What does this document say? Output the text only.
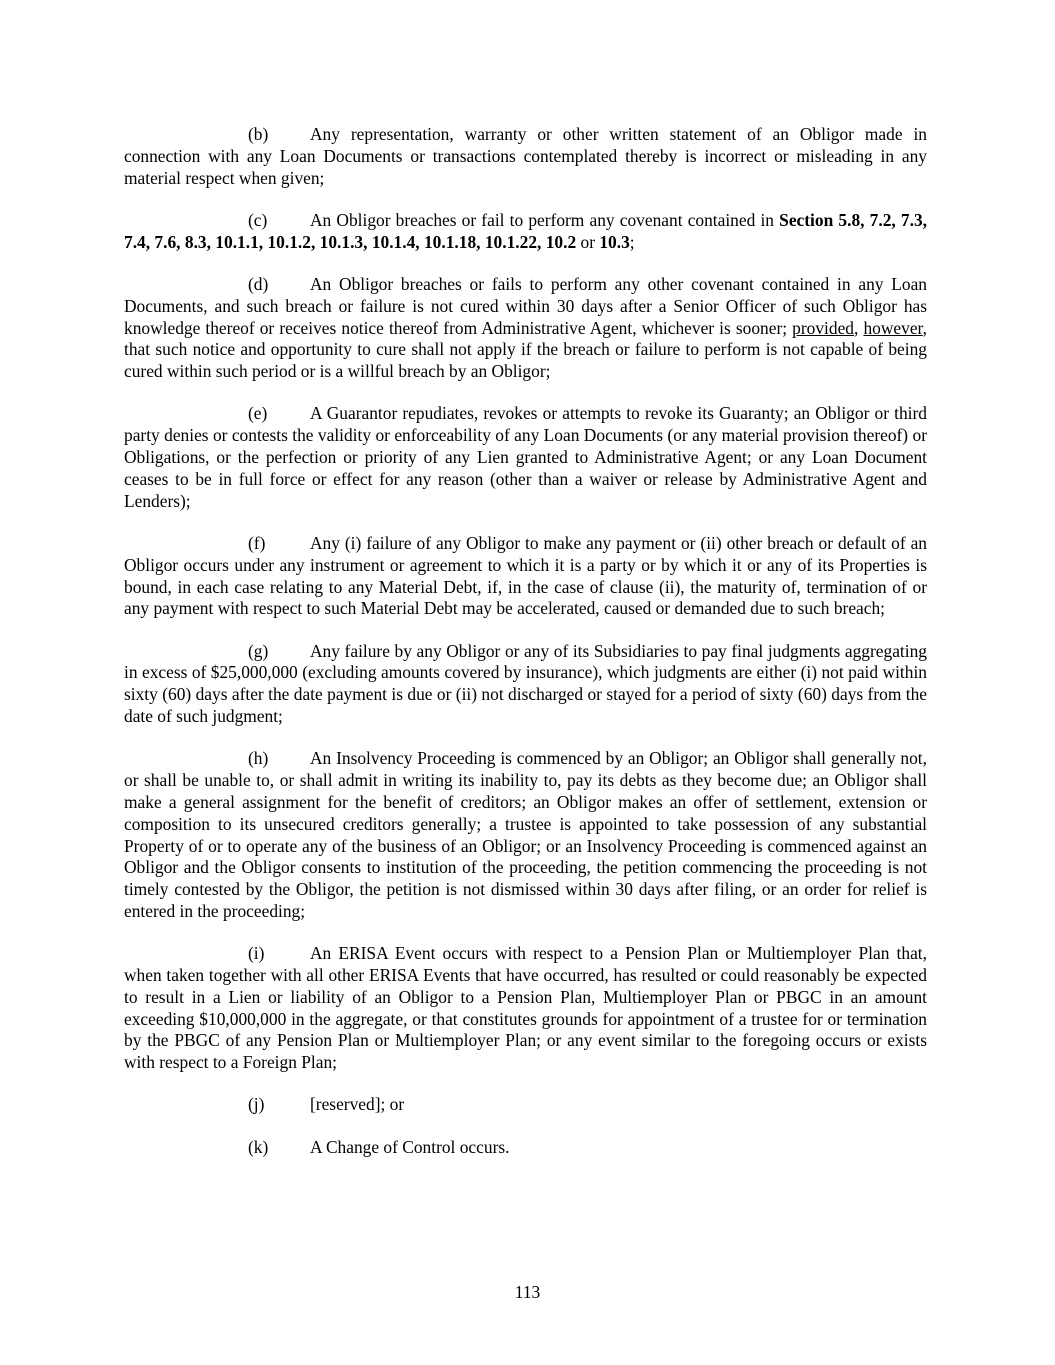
(b) Any representation, warranty or other written statement of an Obligor made in connection with any Loan Documents or transactions contemplated thereby is incorrect or misleading in any material respect when given;

(c) An Obligor breaches or fail to perform any covenant contained in Section 5.8, 7.2, 7.3, 7.4, 7.6, 8.3, 10.1.1, 10.1.2, 10.1.3, 10.1.4, 10.1.18, 10.1.22, 10.2 or 10.3;

(d) An Obligor breaches or fails to perform any other covenant contained in any Loan Documents, and such breach or failure is not cured within 30 days after a Senior Officer of such Obligor has knowledge thereof or receives notice thereof from Administrative Agent, whichever is sooner; provided, however, that such notice and opportunity to cure shall not apply if the breach or failure to perform is not capable of being cured within such period or is a willful breach by an Obligor;

(e) A Guarantor repudiates, revokes or attempts to revoke its Guaranty; an Obligor or third party denies or contests the validity or enforceability of any Loan Documents (or any material provision thereof) or Obligations, or the perfection or priority of any Lien granted to Administrative Agent; or any Loan Document ceases to be in full force or effect for any reason (other than a waiver or release by Administrative Agent and Lenders);

(f)	Any (i) failure of any Obligor to make any payment or (ii) other breach or default of an Obligor occurs under any instrument or agreement to which it is a party or by which it or any of its Properties is bound, in each case relating to any Material Debt, if, in the case of clause (ii), the maturity of, termination of or any payment with respect to such Material Debt may be accelerated, caused or demanded due to such breach;

(g) Any failure by any Obligor or any of its Subsidiaries to pay final judgments aggregating in excess of $25,000,000 (excluding amounts covered by insurance), which judgments are either (i) not paid within sixty (60) days after the date payment is due or (ii) not discharged or stayed for a period of sixty (60) days from the date of such judgment;

(h) An Insolvency Proceeding is commenced by an Obligor; an Obligor shall generally not, or shall be unable to, or shall admit in writing its inability to, pay its debts as they become due; an Obligor shall make a general assignment for the benefit of creditors; an Obligor makes an offer of settlement, extension or composition to its unsecured creditors generally; a trustee is appointed to take possession of any substantial Property of or to operate any of the business of an Obligor; or an Insolvency Proceeding is commenced against an Obligor and the Obligor consents to institution of the proceeding, the petition commencing the proceeding is not timely contested by the Obligor, the petition is not dismissed within 30 days after filing, or an order for relief is entered in the proceeding;

(i)	An ERISA Event occurs with respect to a Pension Plan or Multiemployer Plan that, when taken together with all other ERISA Events that have occurred, has resulted or could reasonably be expected to result in a Lien or liability of an Obligor to a Pension Plan, Multiemployer Plan or PBGC in an amount exceeding $10,000,000 in the aggregate, or that constitutes grounds for appointment of a trustee for or termination by the PBGC of any Pension Plan or Multiemployer Plan; or any event similar to the foregoing occurs or exists with respect to a Foreign Plan;

(j)	[reserved]; or

(k) A Change of Control occurs.

113
